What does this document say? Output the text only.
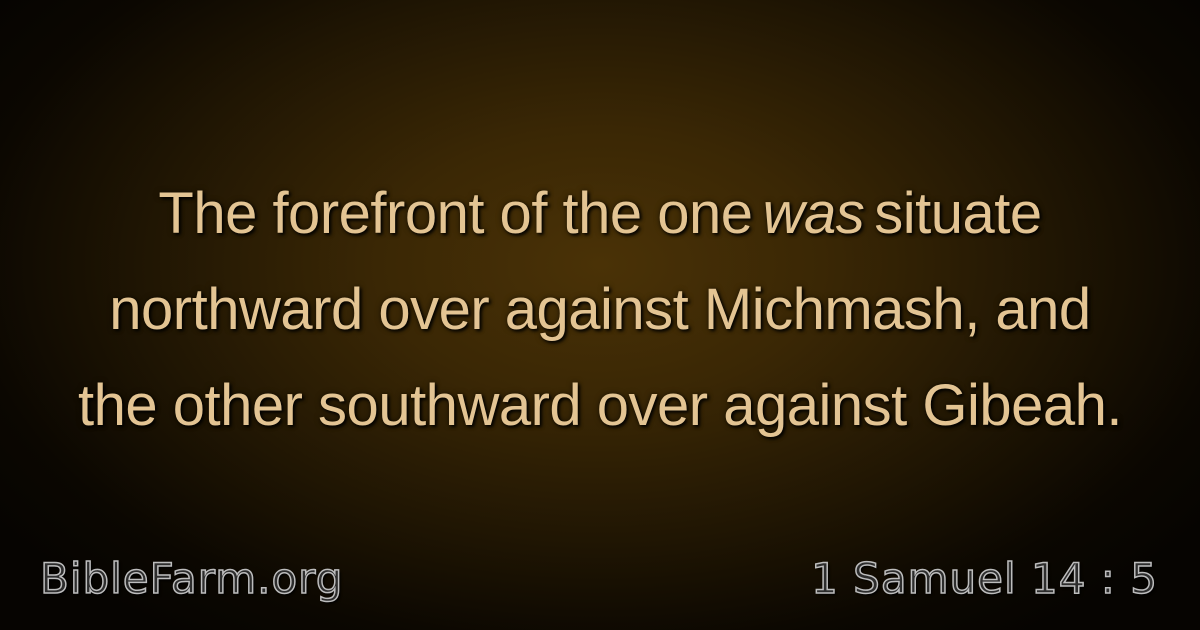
The forefront of the one was situate
northward over against Michmash, and
the other southward over against Gibeah.

BibleFarm.org	1 Samuel 14 : 5
